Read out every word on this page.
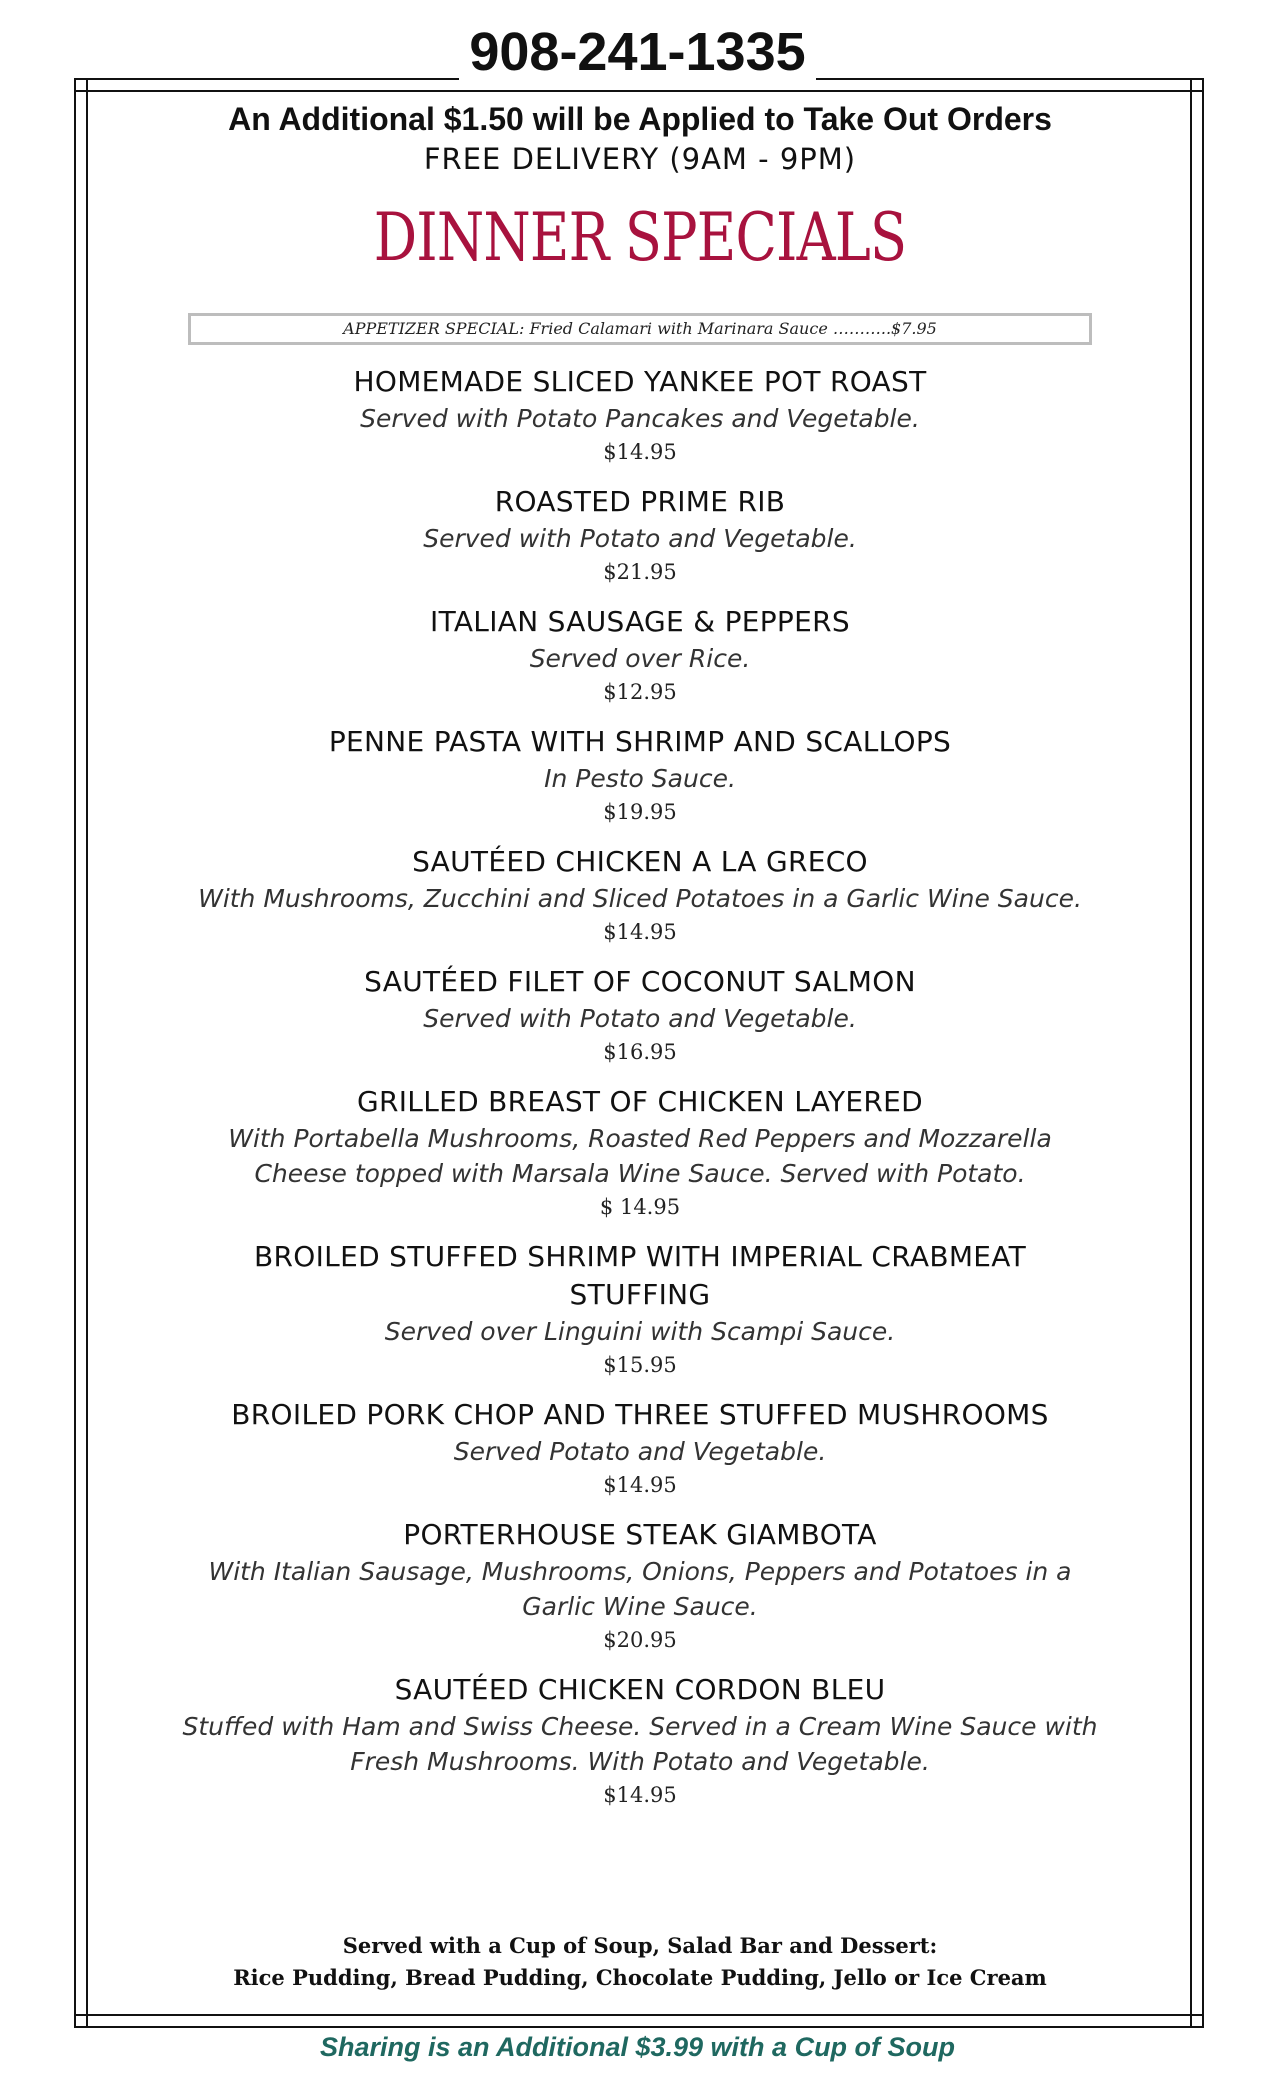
908-241-1335
An Additional $1.50 will be Applied to Take Out Orders
FREE DELIVERY (9AM - 9PM)
DINNER SPECIALS
APPETIZER SPECIAL: Fried Calamari with Marinara Sauce ………..$7.95
HOMEMADE SLICED YANKEE POT ROAST
Served with Potato Pancakes and Vegetable.
$14.95
ROASTED PRIME RIB
Served with Potato and Vegetable.
$21.95
ITALIAN SAUSAGE & PEPPERS
Served over Rice.
$12.95
PENNE PASTA WITH SHRIMP AND SCALLOPS
In Pesto Sauce.
$19.95
SAUTÉED CHICKEN A LA GRECO
With Mushrooms, Zucchini and Sliced Potatoes in a Garlic Wine Sauce.
$14.95
SAUTÉED FILET OF COCONUT SALMON
Served with Potato and Vegetable.
$16.95
GRILLED BREAST OF CHICKEN LAYERED
With Portabella Mushrooms, Roasted Red Peppers and Mozzarella
Cheese topped with Marsala Wine Sauce. Served with Potato.
$ 14.95
BROILED STUFFED SHRIMP WITH IMPERIAL CRABMEAT
STUFFING
Served over Linguini with Scampi Sauce.
$15.95
BROILED PORK CHOP AND THREE STUFFED MUSHROOMS
Served Potato and Vegetable.
$14.95
PORTERHOUSE STEAK GIAMBOTA
With Italian Sausage, Mushrooms, Onions, Peppers and Potatoes in a
Garlic Wine Sauce.
$20.95
SAUTÉED CHICKEN CORDON BLEU
Stuffed with Ham and Swiss Cheese. Served in a Cream Wine Sauce with
Fresh Mushrooms. With Potato and Vegetable.
$14.95
Served with a Cup of Soup, Salad Bar and Dessert:
Rice Pudding, Bread Pudding, Chocolate Pudding, Jello or Ice Cream
Sharing is an Additional $3.99 with a Cup of Soup
